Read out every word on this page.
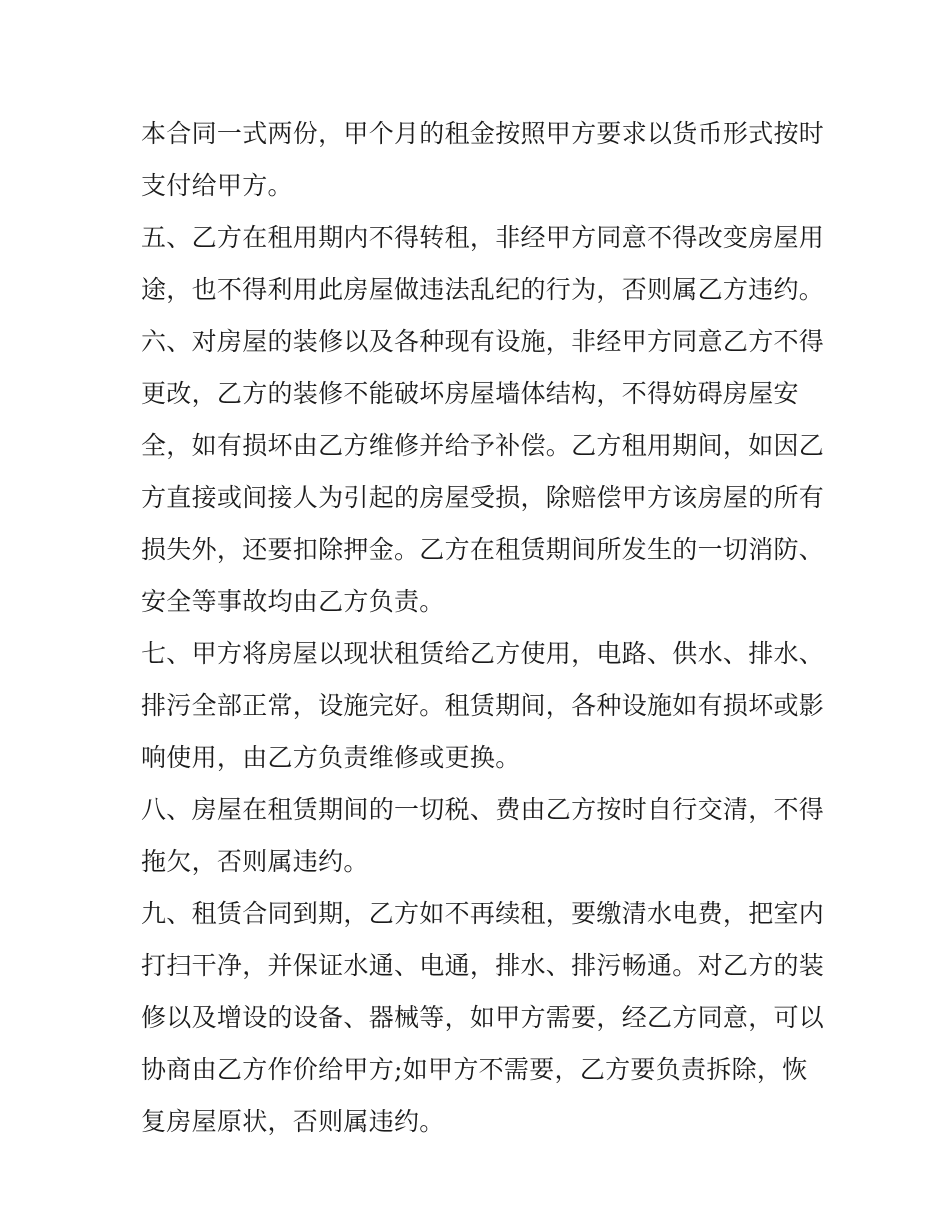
本合同一式两份，甲个月的租金按照甲方要求以货币形式按时
支付给甲方。
五、乙方在租用期内不得转租，非经甲方同意不得改变房屋用
途，也不得利用此房屋做违法乱纪的行为，否则属乙方违约。
六、对房屋的装修以及各种现有设施，非经甲方同意乙方不得
更改，乙方的装修不能破坏房屋墙体结构，不得妨碍房屋安
全，如有损坏由乙方维修并给予补偿。乙方租用期间，如因乙
方直接或间接人为引起的房屋受损，除赔偿甲方该房屋的所有
损失外，还要扣除押金。乙方在租赁期间所发生的一切消防、
安全等事故均由乙方负责。
七、甲方将房屋以现状租赁给乙方使用，电路、供水、排水、
排污全部正常，设施完好。租赁期间，各种设施如有损坏或影
响使用，由乙方负责维修或更换。
八、房屋在租赁期间的一切税、费由乙方按时自行交清，不得
拖欠，否则属违约。
九、租赁合同到期，乙方如不再续租，要缴清水电费，把室内
打扫干净，并保证水通、电通，排水、排污畅通。对乙方的装
修以及增设的设备、器械等，如甲方需要，经乙方同意，可以
协商由乙方作价给甲方;如甲方不需要，乙方要负责拆除，恢
复房屋原状，否则属违约。
